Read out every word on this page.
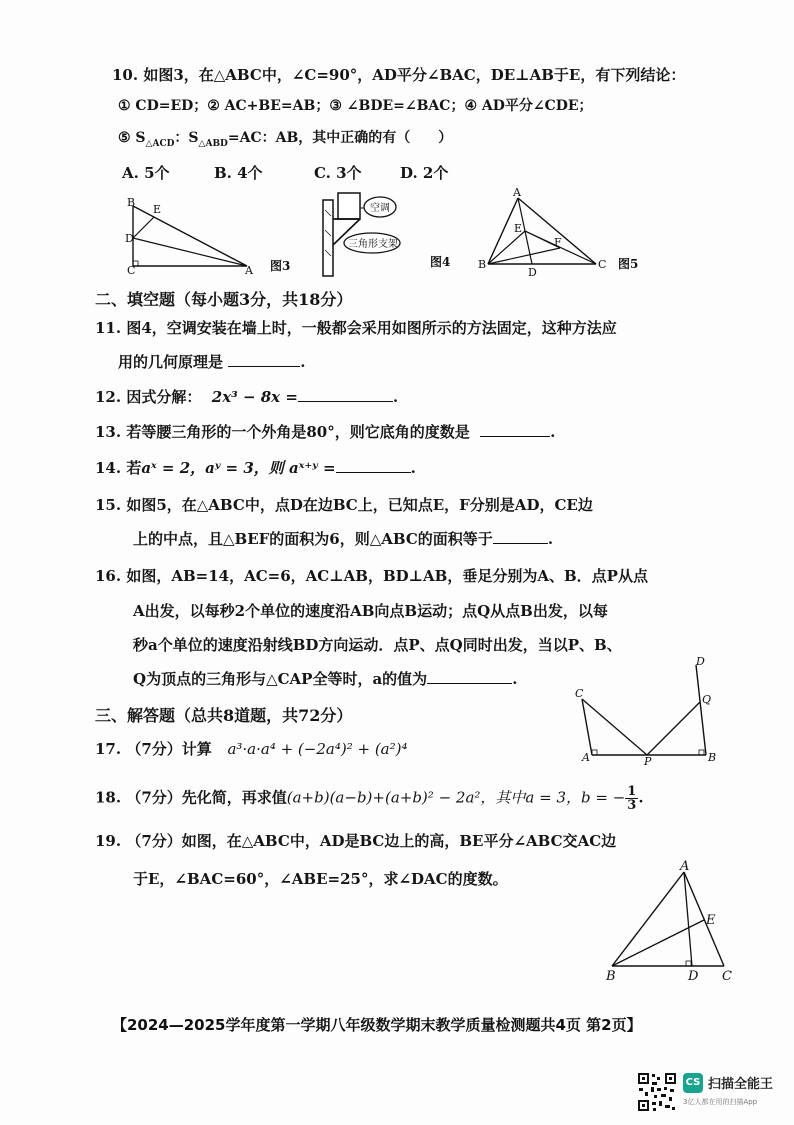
10. 如图3，在△ABC中，∠C=90°，AD平分∠BAC，DE⊥AB于E，有下列结论：
① CD=ED；② AC+BE=AB；③ ∠BDE=∠BAC；④ AD平分∠CDE；
⑤ $S_{\triangle ACD}$：$S_{\triangle ABD}=AC$：AB，其中正确的有（　　）
A. 5个	B. 4个	C. 3个	D. 2个
B
E
D
C	A 图3
空调
三角形支架
图4
A
E
F
B
D
C 图5
二、填空题（每小题3分，共18分）
11. 图4，空调安装在墙上时，一般都会采用如图所示的方法固定，这种方法应
用的几何原理是	.
12. 因式分解： 2x³ − 8x =	.
13. 若等腰三角形的一个外角是80°，则它底角的度数是	.
14. 若aˣ = 2，aʸ = 3，则 aˣ⁺ʸ =	.
15. 如图5，在△ABC中，点D在边BC上，已知点E，F分别是AD，CE边
上的中点，且△BEF的面积为6，则△ABC的面积等于	.
16. 如图，AB=14，AC=6，AC⊥AB，BD⊥AB，垂足分别为A、B．点P从点
A出发，以每秒2个单位的速度沿AB向点B运动；点Q从点B出发，以每
秒a个单位的速度沿射线BD方向运动．点P、点Q同时出发，当以P、B、
Q为顶点的三角形与△CAP全等时，a的值为	.
D
C	Q
A	P	B
三、解答题（总共8道题，共72分）
17. （7分）计算 a³·a·a⁴ + (−2a⁴)² + (a²)⁴
18. （7分）先化简，再求值(a+b)(a−b)+(a+b)² − 2a²，其中a = 3，b = − $\frac{1}{3}$ .
19. （7分）如图，在△ABC中，AD是BC边上的高，BE平分∠ABC交AC边
于E，∠BAC=60°，∠ABE=25°，求∠DAC的度数。
A
E
B	D C
【2024—2025学年度第一学期八年级数学期末教学质量检测题共4页 第2页】
CS 扫描全能王
3亿人都在用的扫描App
